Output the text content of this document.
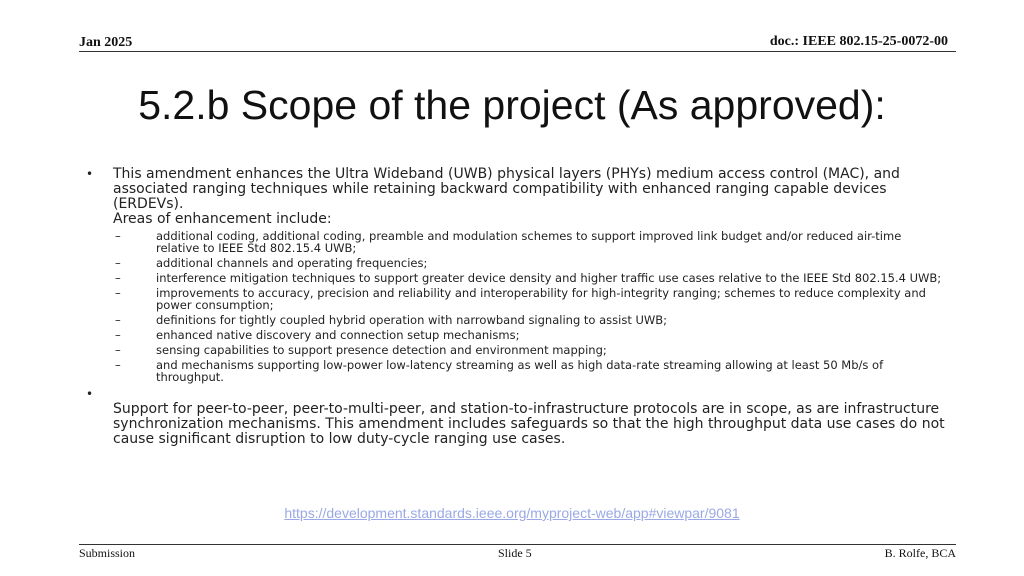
Jan 2025	doc.: IEEE 802.15-25-0072-00
5.2.b Scope of the project (As approved):
• This amendment enhances the Ultra Wideband (UWB) physical layers (PHYs) medium access control (MAC), and associated ranging techniques while retaining backward compatibility with enhanced ranging capable devices (ERDEVs).
Areas of enhancement include:
–	additional coding, additional coding, preamble and modulation schemes to support improved link budget and/or reduced air-time relative to IEEE Std 802.15.4 UWB;
–	additional channels and operating frequencies;
–	interference mitigation techniques to support greater device density and higher traffic use cases relative to the IEEE Std 802.15.4 UWB;
–	improvements to accuracy, precision and reliability and interoperability for high-integrity ranging; schemes to reduce complexity and power consumption;
–	definitions for tightly coupled hybrid operation with narrowband signaling to assist UWB;
–	enhanced native discovery and connection setup mechanisms;
–	sensing capabilities to support presence detection and environment mapping;
–	and mechanisms supporting low-power low-latency streaming as well as high data-rate streaming allowing at least 50 Mb/s of throughput.
•
Support for peer-to-peer, peer-to-multi-peer, and station-to-infrastructure protocols are in scope, as are infrastructure synchronization mechanisms. This amendment includes safeguards so that the high throughput data use cases do not cause significant disruption to low duty-cycle ranging use cases.
https://development.standards.ieee.org/myproject-web/app#viewpar/9081
Submission	Slide 5	B. Rolfe, BCA
